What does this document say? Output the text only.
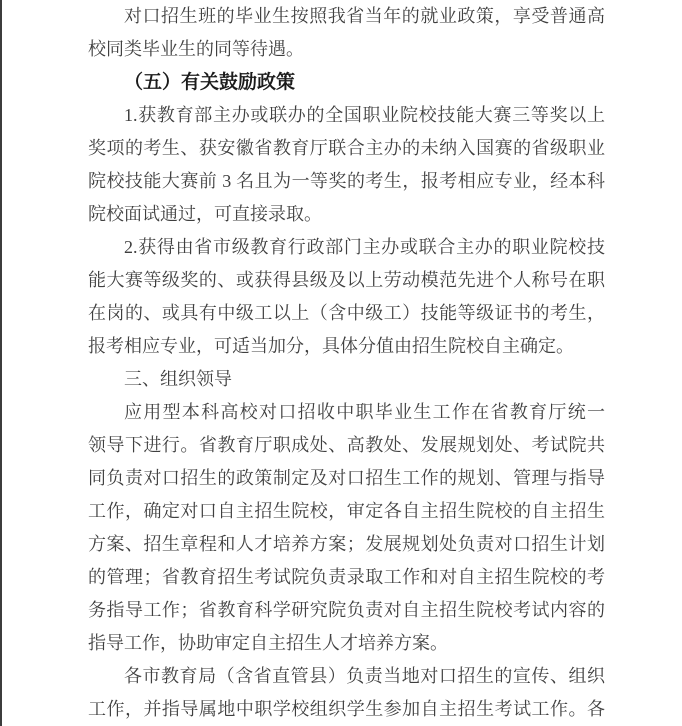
对口招生班的毕业生按照我省当年的就业政策，享受普通高
校同类毕业生的同等待遇。
（五）有关鼓励政策
1.获教育部主办或联办的全国职业院校技能大赛三等奖以上
奖项的考生、获安徽省教育厅联合主办的未纳入国赛的省级职业
院校技能大赛前 3 名且为一等奖的考生，报考相应专业，经本科
院校面试通过，可直接录取。
2.获得由省市级教育行政部门主办或联合主办的职业院校技
能大赛等级奖的、或获得县级及以上劳动模范先进个人称号在职
在岗的、或具有中级工以上（含中级工）技能等级证书的考生，
报考相应专业，可适当加分，具体分值由招生院校自主确定。
三、组织领导
应用型本科高校对口招收中职毕业生工作在省教育厅统一
领导下进行。省教育厅职成处、高教处、发展规划处、考试院共
同负责对口招生的政策制定及对口招生工作的规划、管理与指导
工作，确定对口自主招生院校，审定各自主招生院校的自主招生
方案、招生章程和人才培养方案；发展规划处负责对口招生计划
的管理；省教育招生考试院负责录取工作和对自主招生院校的考
务指导工作；省教育科学研究院负责对自主招生院校考试内容的
指导工作，协助审定自主招生人才培养方案。
各市教育局（含省直管县）负责当地对口招生的宣传、组织
工作，并指导属地中职学校组织学生参加自主招生考试工作。各
